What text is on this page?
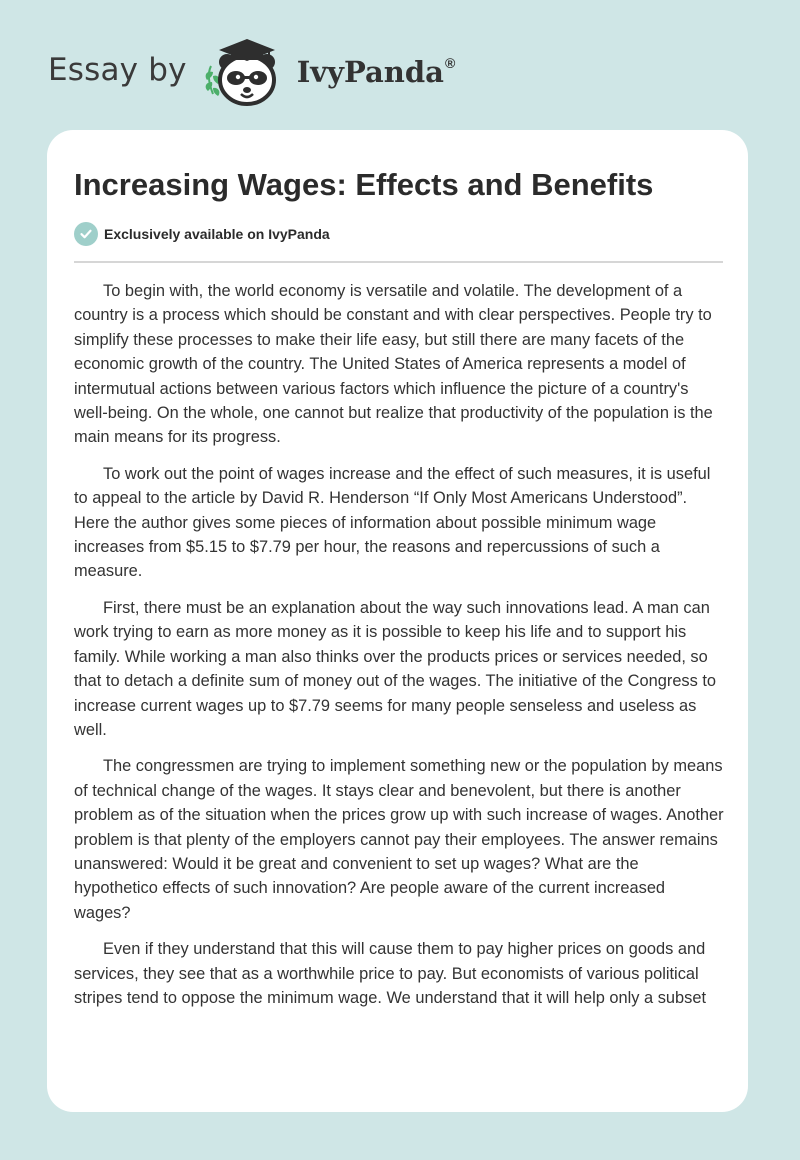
Essay by	IvyPanda®
Increasing Wages: Effects and Benefits
Exclusively available on IvyPanda

To begin with, the world economy is versatile and volatile. The development of a country is a process which should be constant and with clear perspectives. People try to simplify these processes to make their life easy, but still there are many facets of the economic growth of the country. The United States of America represents a model of intermutual actions between various factors which influence the picture of a country's well-being. On the whole, one cannot but realize that productivity of the population is the main means for its progress.

To work out the point of wages increase and the effect of such measures, it is useful to appeal to the article by David R. Henderson “If Only Most Americans Understood”. Here the author gives some pieces of information about possible minimum wage increases from $5.15 to $7.79 per hour, the reasons and repercussions of such a measure.

First, there must be an explanation about the way such innovations lead. A man can work trying to earn as more money as it is possible to keep his life and to support his family. While working a man also thinks over the products prices or services needed, so that to detach a definite sum of money out of the wages. The initiative of the Congress to increase current wages up to $7.79 seems for many people senseless and useless as well.

The congressmen are trying to implement something new or the population by means of technical change of the wages. It stays clear and benevolent, but there is another problem as of the situation when the prices grow up with such increase of wages. Another problem is that plenty of the employers cannot pay their employees. The answer remains unanswered: Would it be great and convenient to set up wages? What are the hypothetico effects of such innovation? Are people aware of the current increased wages?

Even if they understand that this will cause them to pay higher prices on goods and services, they see that as a worthwhile price to pay. But economists of various political stripes tend to oppose the minimum wage. We understand that it will help only a subset
